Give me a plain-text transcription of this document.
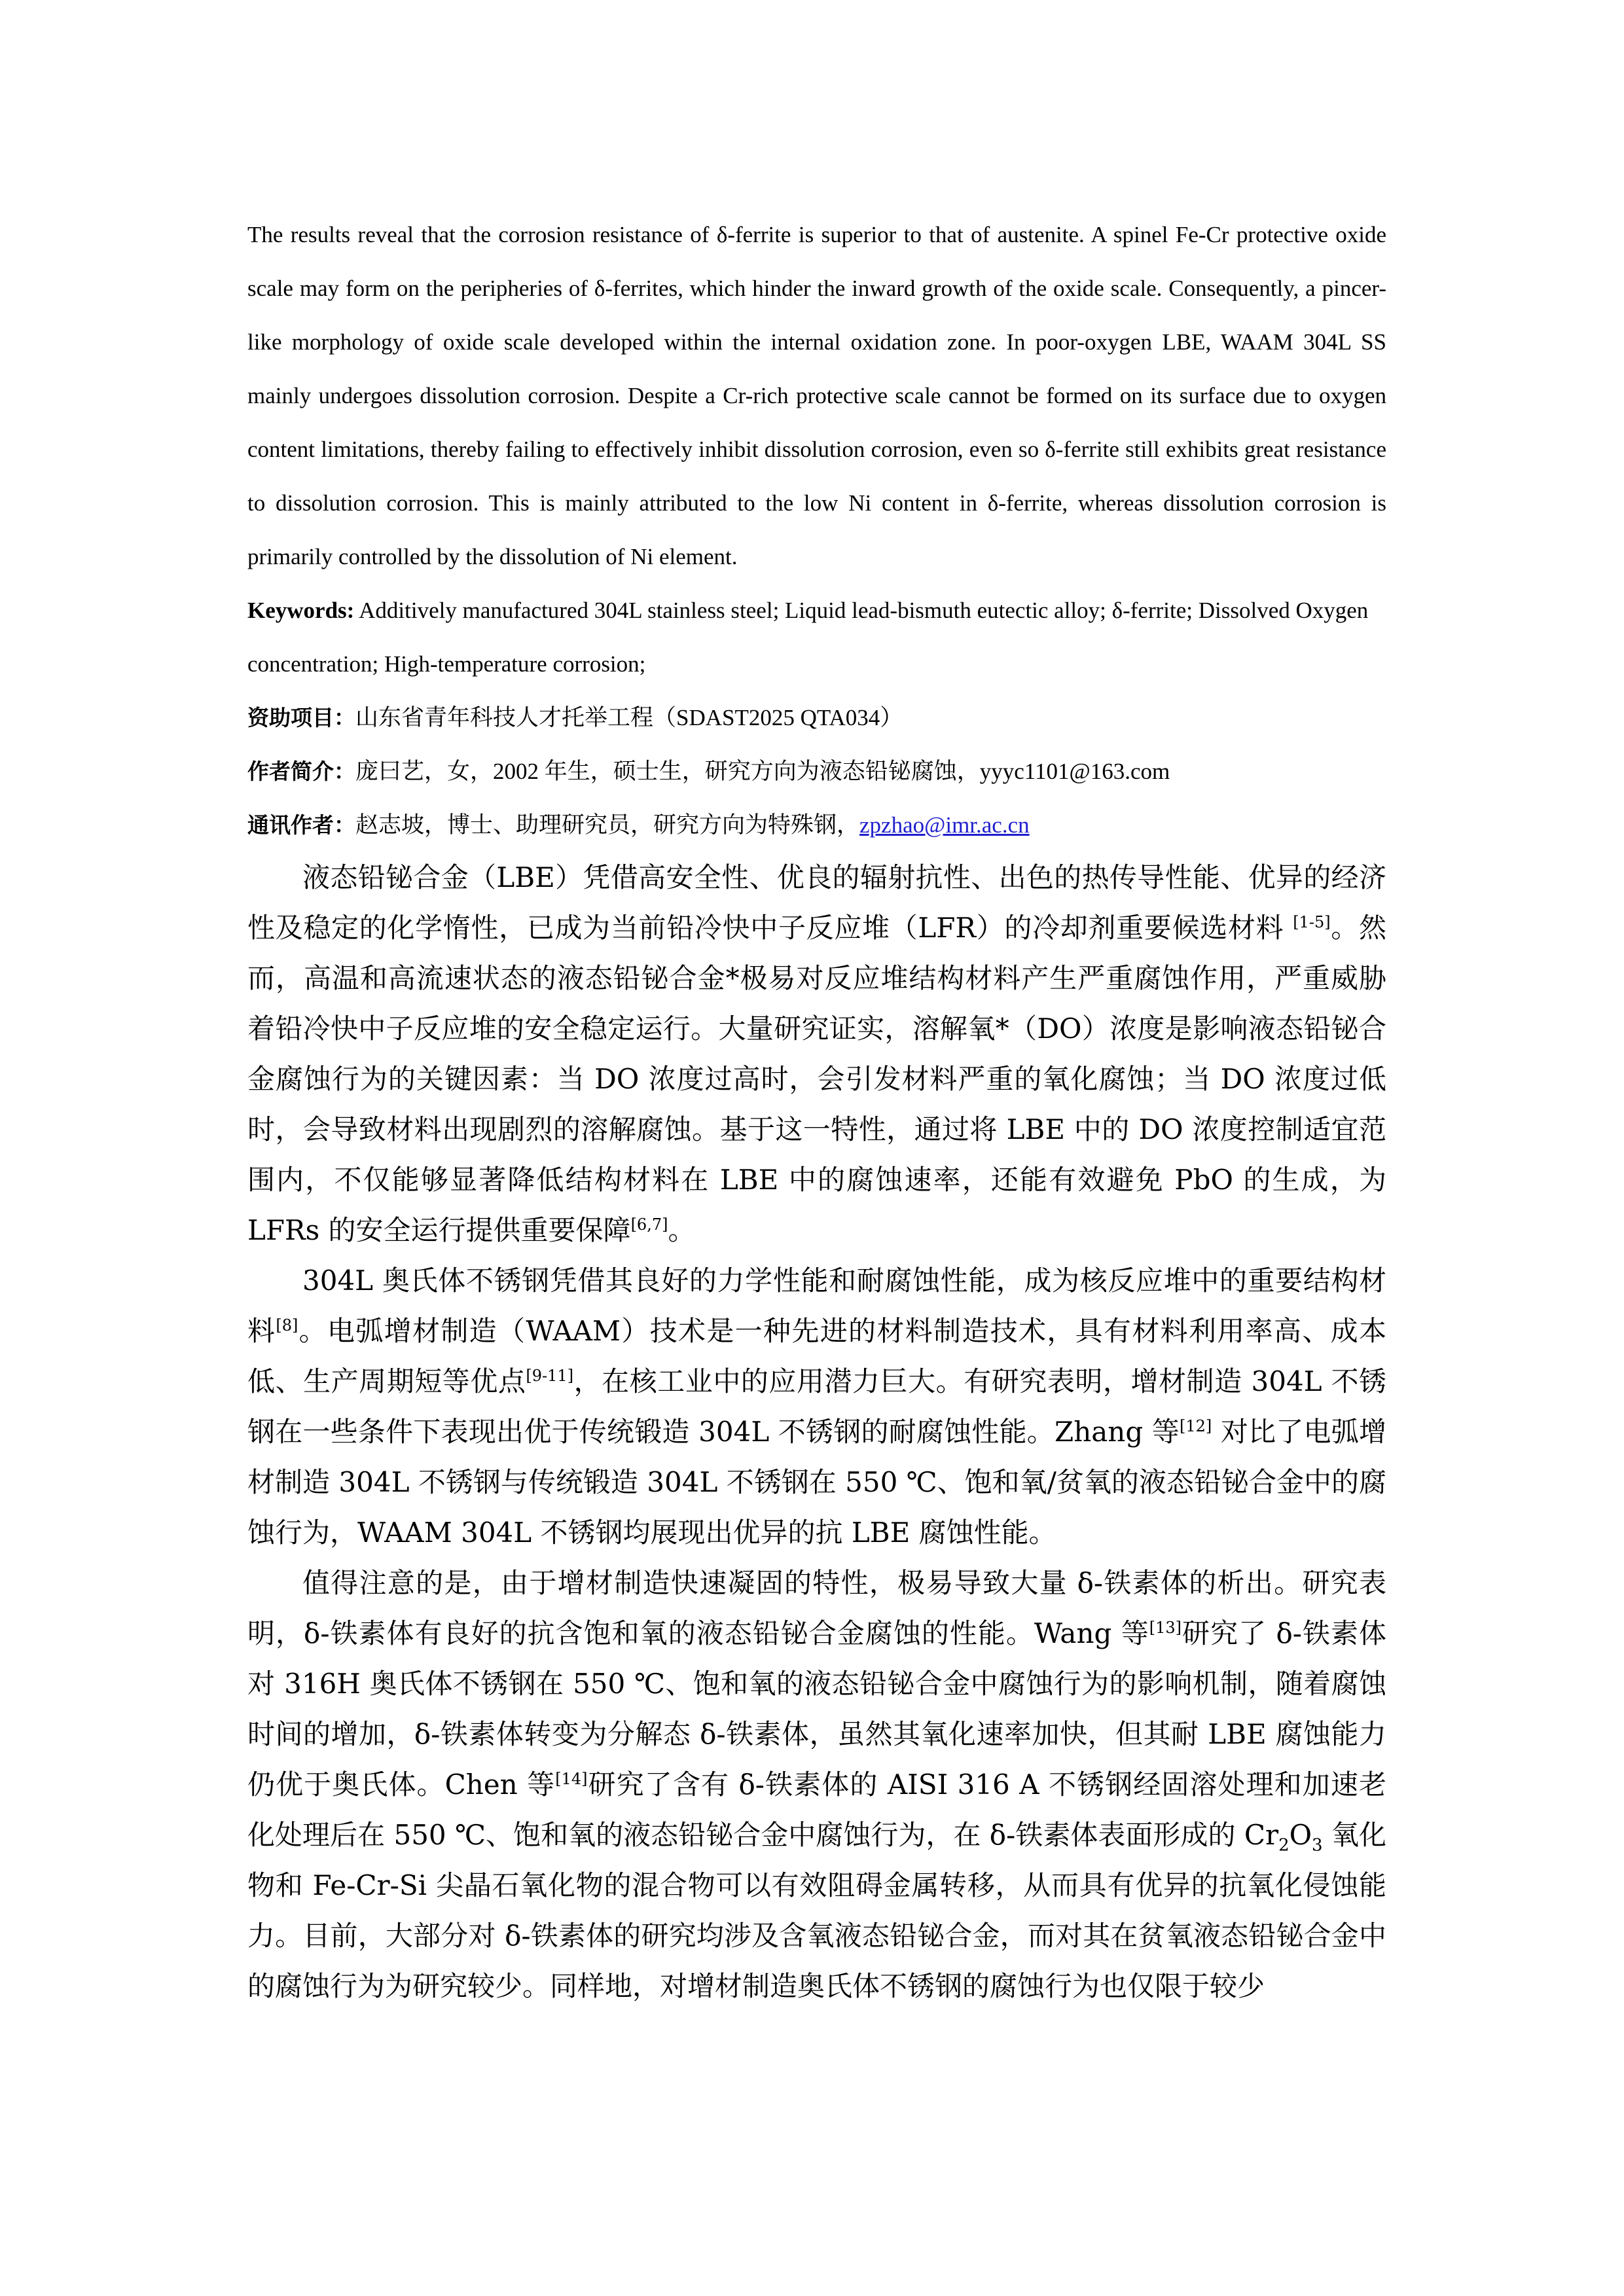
The results reveal that the corrosion resistance of δ-ferrite is superior to that of austenite. A spinel Fe-Cr protective oxide scale may form on the peripheries of δ-ferrites, which hinder the inward growth of the oxide scale. Consequently, a pincer-like morphology of oxide scale developed within the internal oxidation zone. In poor-oxygen LBE, WAAM 304L SS mainly undergoes dissolution corrosion. Despite a Cr-rich protective scale cannot be formed on its surface due to oxygen content limitations, thereby failing to effectively inhibit dissolution corrosion, even so δ-ferrite still exhibits great resistance to dissolution corrosion. This is mainly attributed to the low Ni content in δ-ferrite, whereas dissolution corrosion is primarily controlled by the dissolution of Ni element.

Keywords: Additively manufactured 304L stainless steel; Liquid lead-bismuth eutectic alloy; δ-ferrite; Dissolved Oxygen concentration; High-temperature corrosion;

资助项目：山东省青年科技人才托举工程（SDAST2025 QTA034）

作者简介：庞曰艺，女，2002 年生，硕士生，研究方向为液态铅铋腐蚀，yyyc1101@163.com

通讯作者：赵志坡，博士、助理研究员，研究方向为特殊钢，zpzhao@imr.ac.cn

液态铅铋合金（LBE）凭借高安全性、优良的辐射抗性、出色的热传导性能、优异的经济性及稳定的化学惰性，已成为当前铅冷快中子反应堆（LFR）的冷却剂重要候选材料 [1-5]。然而，高温和高流速状态的液态铅铋合金*极易对反应堆结构材料产生严重腐蚀作用，严重威胁着铅冷快中子反应堆的安全稳定运行。大量研究证实，溶解氧*（DO）浓度是影响液态铅铋合金腐蚀行为的关键因素：当 DO 浓度过高时，会引发材料严重的氧化腐蚀；当 DO 浓度过低时，会导致材料出现剧烈的溶解腐蚀。基于这一特性，通过将 LBE 中的 DO 浓度控制适宜范围内，不仅能够显著降低结构材料在 LBE 中的腐蚀速率，还能有效避免 PbO 的生成，为 LFRs 的安全运行提供重要保障[6,7]。

304L 奥氏体不锈钢凭借其良好的力学性能和耐腐蚀性能，成为核反应堆中的重要结构材料[8]。电弧增材制造（WAAM）技术是一种先进的材料制造技术，具有材料利用率高、成本低、生产周期短等优点[9-11]，在核工业中的应用潜力巨大。有研究表明，增材制造 304L 不锈钢在一些条件下表现出优于传统锻造 304L 不锈钢的耐腐蚀性能。Zhang 等[12] 对比了电弧增材制造 304L 不锈钢与传统锻造 304L 不锈钢在 550 ℃、饱和氧/贫氧的液态铅铋合金中的腐蚀行为，WAAM 304L 不锈钢均展现出优异的抗 LBE 腐蚀性能。

值得注意的是，由于增材制造快速凝固的特性，极易导致大量 δ-铁素体的析出。研究表明，δ-铁素体有良好的抗含饱和氧的液态铅铋合金腐蚀的性能。Wang 等[13]研究了 δ-铁素体对 316H 奥氏体不锈钢在 550 ℃、饱和氧的液态铅铋合金中腐蚀行为的影响机制，随着腐蚀时间的增加，δ-铁素体转变为分解态 δ-铁素体，虽然其氧化速率加快，但其耐 LBE 腐蚀能力仍优于奥氏体。Chen 等[14]研究了含有 δ-铁素体的 AISI 316 A 不锈钢经固溶处理和加速老化处理后在 550 ℃、饱和氧的液态铅铋合金中腐蚀行为，在 δ-铁素体表面形成的 $Cr_2O_3$ 氧化物和 Fe-Cr-Si 尖晶石氧化物的混合物可以有效阻碍金属转移，从而具有优异的抗氧化侵蚀能力。目前，大部分对 δ-铁素体的研究均涉及含氧液态铅铋合金，而对其在贫氧液态铅铋合金中的腐蚀行为为研究较少。同样地，对增材制造奥氏体不锈钢的腐蚀行为也仅限于较少
